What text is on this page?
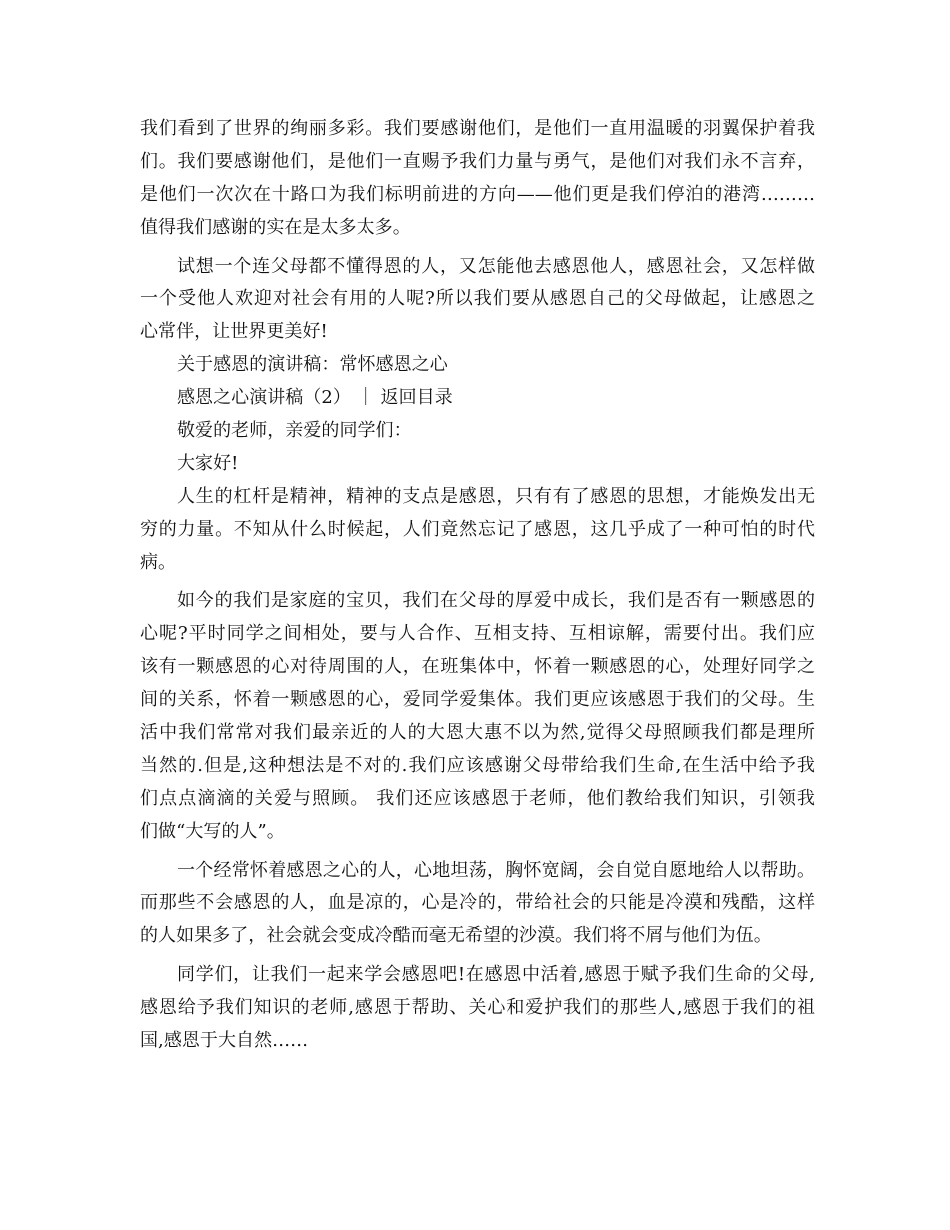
我们看到了世界的绚丽多彩。我们要感谢他们，是他们一直用温暖的羽翼保护着我
们。我们要感谢他们，是他们一直赐予我们力量与勇气，是他们对我们永不言弃，
是他们一次次在十路口为我们标明前进的方向——他们更是我们停泊的港湾………
值得我们感谢的实在是太多太多。
试想一个连父母都不懂得恩的人，又怎能他去感恩他人，感恩社会，又怎样做
一个受他人欢迎对社会有用的人呢?所以我们要从感恩自己的父母做起，让感恩之
心常伴，让世界更美好!
关于感恩的演讲稿：常怀感恩之心
感恩之心演讲稿（2） ｜ 返回目录
敬爱的老师，亲爱的同学们：
大家好!
人生的杠杆是精神，精神的支点是感恩，只有有了感恩的思想，才能焕发出无
穷的力量。不知从什么时候起，人们竟然忘记了感恩，这几乎成了一种可怕的时代
病。
如今的我们是家庭的宝贝，我们在父母的厚爱中成长，我们是否有一颗感恩的
心呢?平时同学之间相处，要与人合作、互相支持、互相谅解，需要付出。我们应
该有一颗感恩的心对待周围的人，在班集体中，怀着一颗感恩的心，处理好同学之
间的关系，怀着一颗感恩的心，爱同学爱集体。我们更应该感恩于我们的父母。生
活中我们常常对我们最亲近的人的大恩大惠不以为然,觉得父母照顾我们都是理所
当然的.但是,这种想法是不对的.我们应该感谢父母带给我们生命,在生活中给予我
们点点滴滴的关爱与照顾。 我们还应该感恩于老师，他们教给我们知识，引领我
们做“大写的人”。
一个经常怀着感恩之心的人，心地坦荡，胸怀宽阔，会自觉自愿地给人以帮助。
而那些不会感恩的人，血是凉的，心是冷的，带给社会的只能是冷漠和残酷，这样
的人如果多了，社会就会变成冷酷而毫无希望的沙漠。我们将不屑与他们为伍。
同学们，让我们一起来学会感恩吧!在感恩中活着,感恩于赋予我们生命的父母,
感恩给予我们知识的老师,感恩于帮助、关心和爱护我们的那些人,感恩于我们的祖
国,感恩于大自然……
